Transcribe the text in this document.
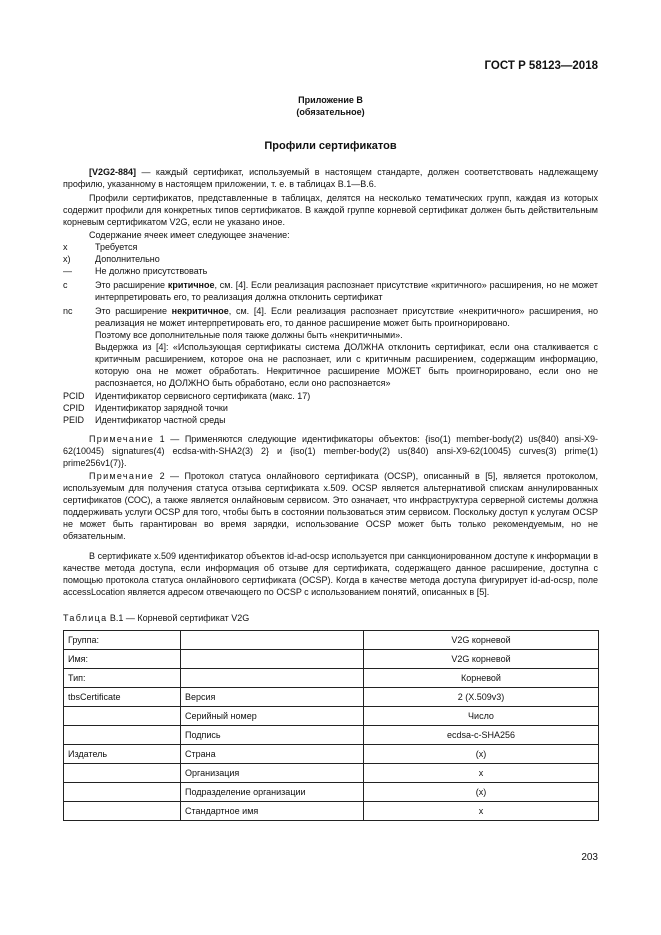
ГОСТ Р 58123—2018
Приложение В
(обязательное)
Профили сертификатов
[V2G2-884] — каждый сертификат, используемый в настоящем стандарте, должен соответствовать надлежащему профилю, указанному в настоящем приложении, т. е. в таблицах В.1—В.6.
Профили сертификатов, представленные в таблицах, делятся на несколько тематических групп, каждая из которых содержит профили для конкретных типов сертификатов. В каждой группе корневой сертификат должен быть действительным корневым сертификатом V2G, если не указано иное.
Содержание ячеек имеет следующее значение:
x	Требуется
x)	Дополнительно
—	Не должно присутствовать
c	Это расширение критичное, см. [4]. Если реализация распознает присутствие «критичного» расширения, но не может интерпретировать его, то реализация должна отклонить сертификат
nc Это расширение некритичное, см. [4]. Если реализация распознает присутствие «некритичного» расширения, но реализация не может интерпретировать его, то данное расширение может быть проигнорировано.
Поэтому все дополнительные поля также должны быть «некритичными».
Выдержка из [4]: «Использующая сертификаты система ДОЛЖНА отклонить сертификат, если она сталкивается с критичным расширением, которое она не распознает, или с критичным расширением, содержащим информацию, которую она не может обработать. Некритичное расширение МОЖЕТ быть проигнорировано, если оно не распознается, но ДОЛЖНО быть обработано, если оно распознается»
PCID Идентификатор сервисного сертификата (макс. 17)
CPID Идентификатор зарядной точки
PEID Идентификатор частной среды
Примечание 1 — Применяются следующие идентификаторы объектов: {iso(1) member-body(2) us(840) ansi-X9-62(10045) signatures(4) ecdsa-with-SHA2(3) 2} и {iso(1) member-body(2) us(840) ansi-X9-62(10045) curves(3) prime(1) prime256v1(7)}.
Примечание 2 — Протокол статуса онлайнового сертификата (OCSP), описанный в [5], является протоколом, используемым для получения статуса отзыва сертификата x.509. OCSP является альтернативой спискам аннулированных сертификатов (СОС), а также является онлайновым сервисом. Это означает, что инфраструктура серверной системы должна поддерживать услуги OCSP для того, чтобы быть в состоянии пользоваться этим сервисом. Поскольку доступ к услугам OCSP не может быть гарантирован во время зарядки, использование OCSP может быть только рекомендуемым, но не обязательным.
В сертификате x.509 идентификатор объектов id-ad-ocsp используется при санкционированном доступе к информации в качестве метода доступа, если информация об отзыве для сертификата, содержащего данное расширение, доступна с помощью протокола статуса онлайнового сертификата (OCSP). Когда в качестве метода доступа фигурирует id-ad-ocsp, поле accessLocation является адресом отвечающего по OCSP с использованием понятий, описанных в [5].
Таблица В.1 — Корневой сертификат V2G
Группа:		V2G корневой
Имя:		V2G корневой
Тип:		Корневой
tbsCertificate	Версия	2 (X.509v3)
	Серийный номер	Число
	Подпись	ecdsa-c-SHA256
Издатель	Страна	(x)
	Организация	x
	Подразделение организации	(x)
	Стандартное имя	x
203
